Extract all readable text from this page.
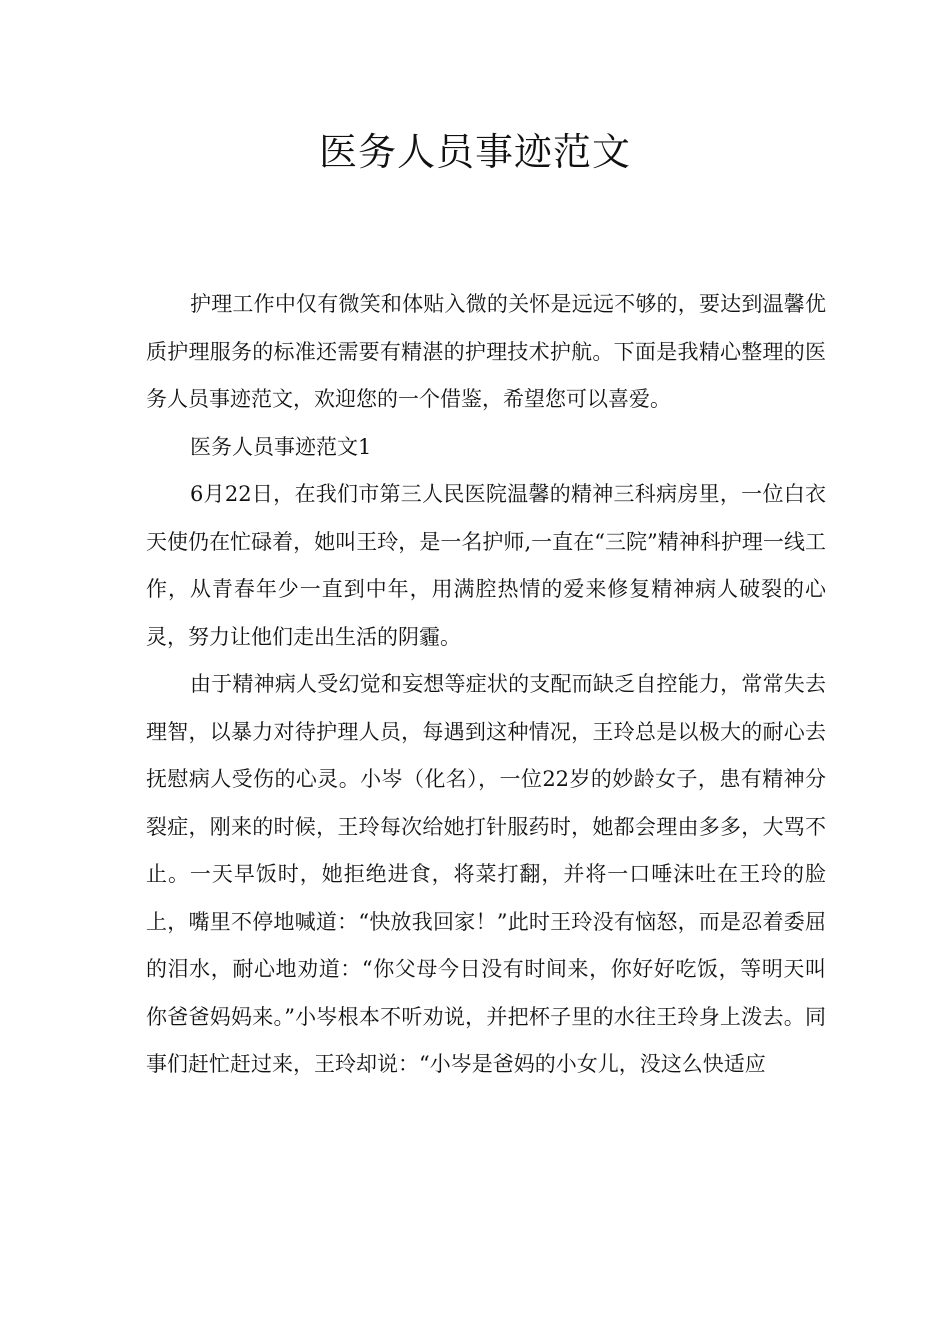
医务人员事迹范文

护理工作中仅有微笑和体贴入微的关怀是远远不够的，要达到温馨优质护理服务的标准还需要有精湛的护理技术护航。下面是我精心整理的医务人员事迹范文，欢迎您的一个借鉴，希望您可以喜爱。

医务人员事迹范文1

6月22日，在我们市第三人民医院温馨的精神三科病房里，一位白衣天使仍在忙碌着，她叫王玲，是一名护师,一直在“三院”精神科护理一线工作，从青春年少一直到中年，用满腔热情的爱来修复精神病人破裂的心灵，努力让他们走出生活的阴霾。

由于精神病人受幻觉和妄想等症状的支配而缺乏自控能力，常常失去理智，以暴力对待护理人员，每遇到这种情况，王玲总是以极大的耐心去抚慰病人受伤的心灵。小岑（化名），一位22岁的妙龄女子，患有精神分裂症，刚来的时候，王玲每次给她打针服药时，她都会理由多多，大骂不止。一天早饭时，她拒绝进食，将菜打翻，并将一口唾沫吐在王玲的脸上，嘴里不停地喊道：“快放我回家！”此时王玲没有恼怒，而是忍着委屈的泪水，耐心地劝道：“你父母今日没有时间来，你好好吃饭，等明天叫你爸爸妈妈来。”小岑根本不听劝说，并把杯子里的水往王玲身上泼去。同事们赶忙赶过来，王玲却说：“小岑是爸妈的小女儿，没这么快适应
